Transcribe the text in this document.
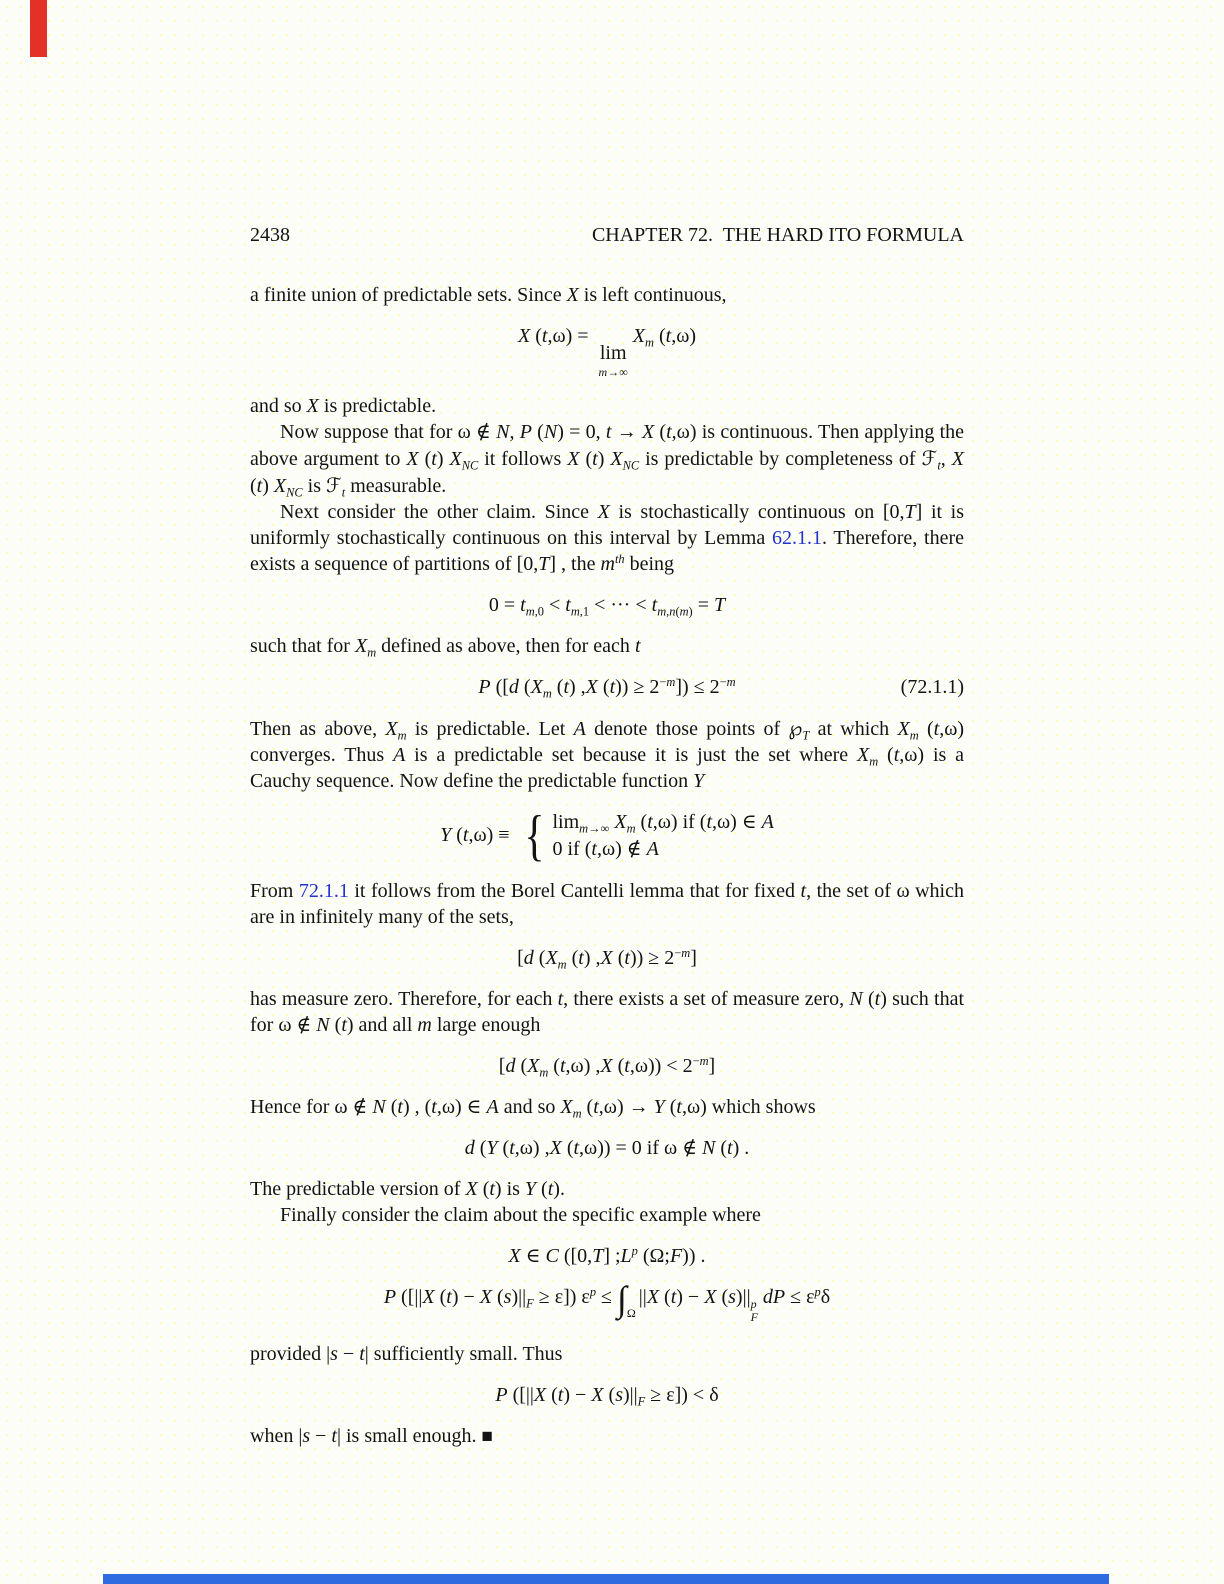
2438	CHAPTER 72.  THE HARD ITO FORMULA
a finite union of predictable sets. Since X is left continuous,
X (t,ω) =
lim
m→∞
$X_m$ (t,ω)
and so X is predictable.
Now suppose that for ω ∉ N, P (N) = 0, t → X (t,ω) is continuous. Then applying the above argument to X (t) $X_{NC}$ it follows X (t) $X_{NC}$ is predictable by completeness of ℱ$_t$, X (t) $X_{NC}$ is ℱ$_t$ measurable.
Next consider the other claim. Since X is stochastically continuous on [0,T] it is uniformly stochastically continuous on this interval by Lemma 62.1.1. Therefore, there exists a sequence of partitions of [0,T] , the $m^{th}$ being
$0 = t_{m,0} < t_{m,1}$ < ··· < $t_{m,n(m)} = T$
such that for $X_m$ defined as above, then for each t
P ([d ($X_m$ (t) ,X $(t)) \ge 2^{-m}]) \le 2^{-m}$	(72.1.1)
Then as above, $X_m$ is predictable. Let A denote those points of $℘_T$ at which $X_m$ (t,ω) converges. Thus A is a predictable set because it is just the set where $X_m$ (t,ω) is a Cauchy sequence. Now define the predictable function Y
Y (t,ω) ≡ { $\lim_{m\to\infty} X_m$ (t,ω) if (t,ω) ∈ A
0 if (t,ω) ∉ A
From 72.1.1 it follows from the Borel Cantelli lemma that for fixed t, the set of ω which are in infinitely many of the sets,
[d ($X_m$ (t) ,X $(t)) \ge 2^{-m}$]
has measure zero. Therefore, for each t, there exists a set of measure zero, N (t) such that for ω ∉ N (t) and all m large enough
[d ($X_m$ (t,ω) ,X $(t,\omega)) < 2^{-m}$]
Hence for ω ∉ N (t) , (t,ω) ∈ A and so $X_m$ (t,ω) → Y (t,ω) which shows
d (Y (t,ω) ,X (t,ω)) = 0 if ω ∉ N (t) .
The predictable version of X (t) is Y (t).
Finally consider the claim about the specific example where
X ∈ C ([0,T] $;L^p$ (Ω;F)) .
P ([||X (t) − X $(s)||_F \ge \varepsilon$]) $\varepsilon^p \le \int_\Omega||X$ (t) − X (s)|| p
F
dP ≤ $\varepsilon^p\delta$
provided |s − t| sufficiently small. Thus
P ([||X (t) − X $(s)||_F \ge \varepsilon]) < \delta$
when |s − t| is small enough. ■
